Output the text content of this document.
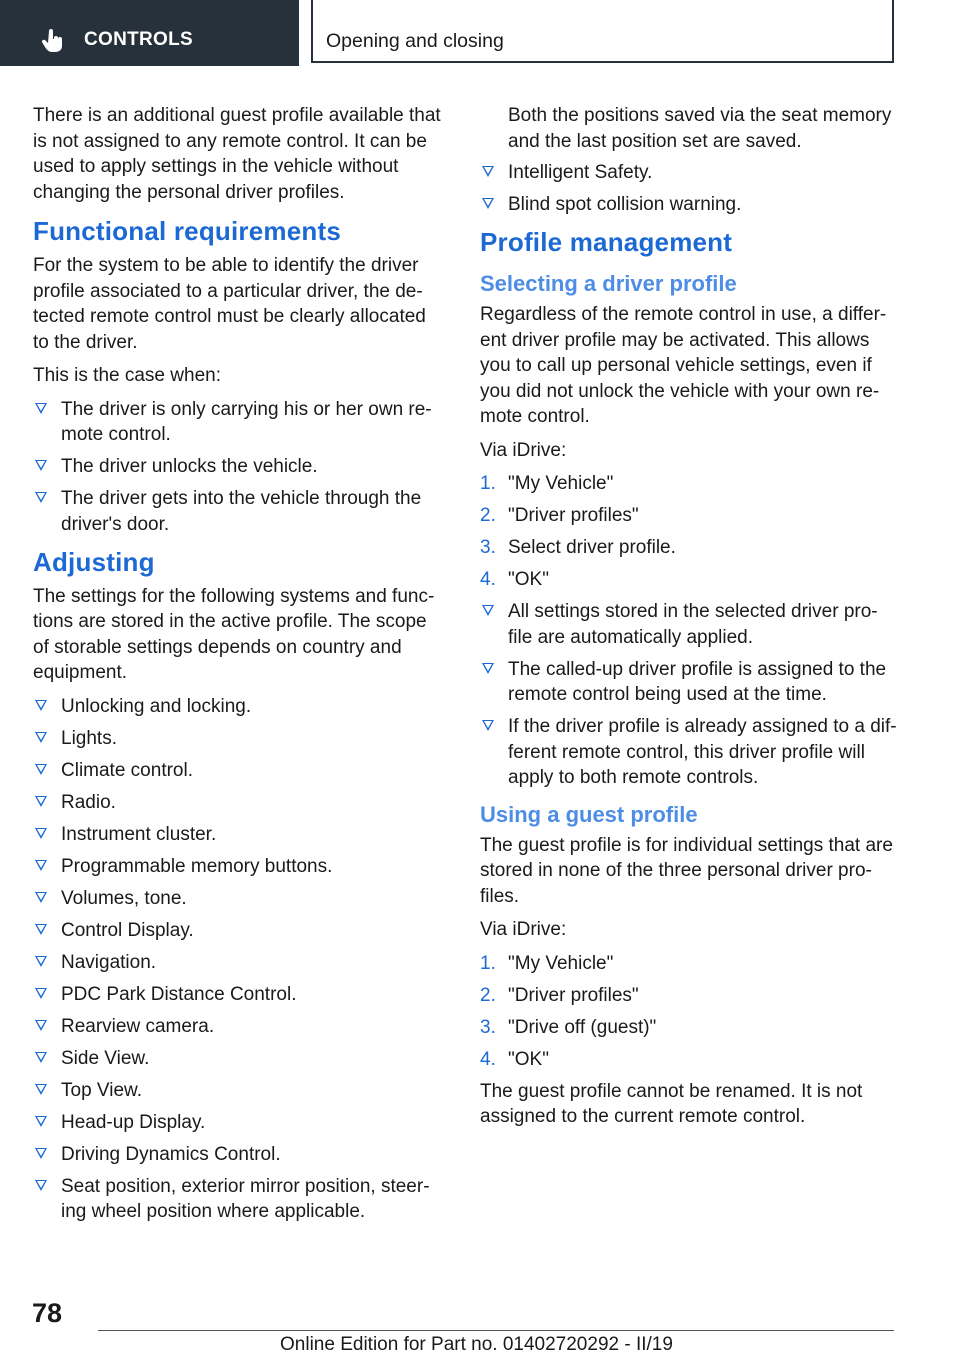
CONTROLS	Opening and closing

There is an additional guest profile available that is not assigned to any remote control. It can be used to apply settings in the vehicle without changing the personal driver profiles.

Functional requirements

For the system to be able to identify the driver profile associated to a particular driver, the de‐tected remote control must be clearly allocated to the driver.

This is the case when:

The driver is only carrying his or her own re‐mote control.
The driver unlocks the vehicle.
The driver gets into the vehicle through the driver's door.
Adjusting

The settings for the following systems and func‐tions are stored in the active profile. The scope of storable settings depends on country and equipment.

Unlocking and locking.
Lights.
Climate control.
Radio.
Instrument cluster.
Programmable memory buttons.
Volumes, tone.
Control Display.
Navigation.
PDC Park Distance Control.
Rearview camera.
Side View.
Top View.
Head-up Display.
Driving Dynamics Control.
Seat position, exterior mirror position, steer‐ing wheel position where applicable.
Both the positions saved via the seat memory and the last position set are saved.
Intelligent Safety.
Blind spot collision warning.
Profile management
Selecting a driver profile

Regardless of the remote control in use, a differ‐ent driver profile may be activated. This allows you to call up personal vehicle settings, even if you did not unlock the vehicle with your own re‐mote control.

Via iDrive:

1. "My Vehicle"
2. "Driver profiles"
3. Select driver profile.
4. "OK"
All settings stored in the selected driver pro‐file are automatically applied.
The called-up driver profile is assigned to the remote control being used at the time.
If the driver profile is already assigned to a dif‐ferent remote control, this driver profile will apply to both remote controls.
Using a guest profile

The guest profile is for individual settings that are stored in none of the three personal driver pro‐files.

Via iDrive:

1. "My Vehicle"
2. "Driver profiles"
3. "Drive off (guest)"
4. "OK"

The guest profile cannot be renamed. It is not assigned to the current remote control.

78
Online Edition for Part no. 01402720292 - II/19
